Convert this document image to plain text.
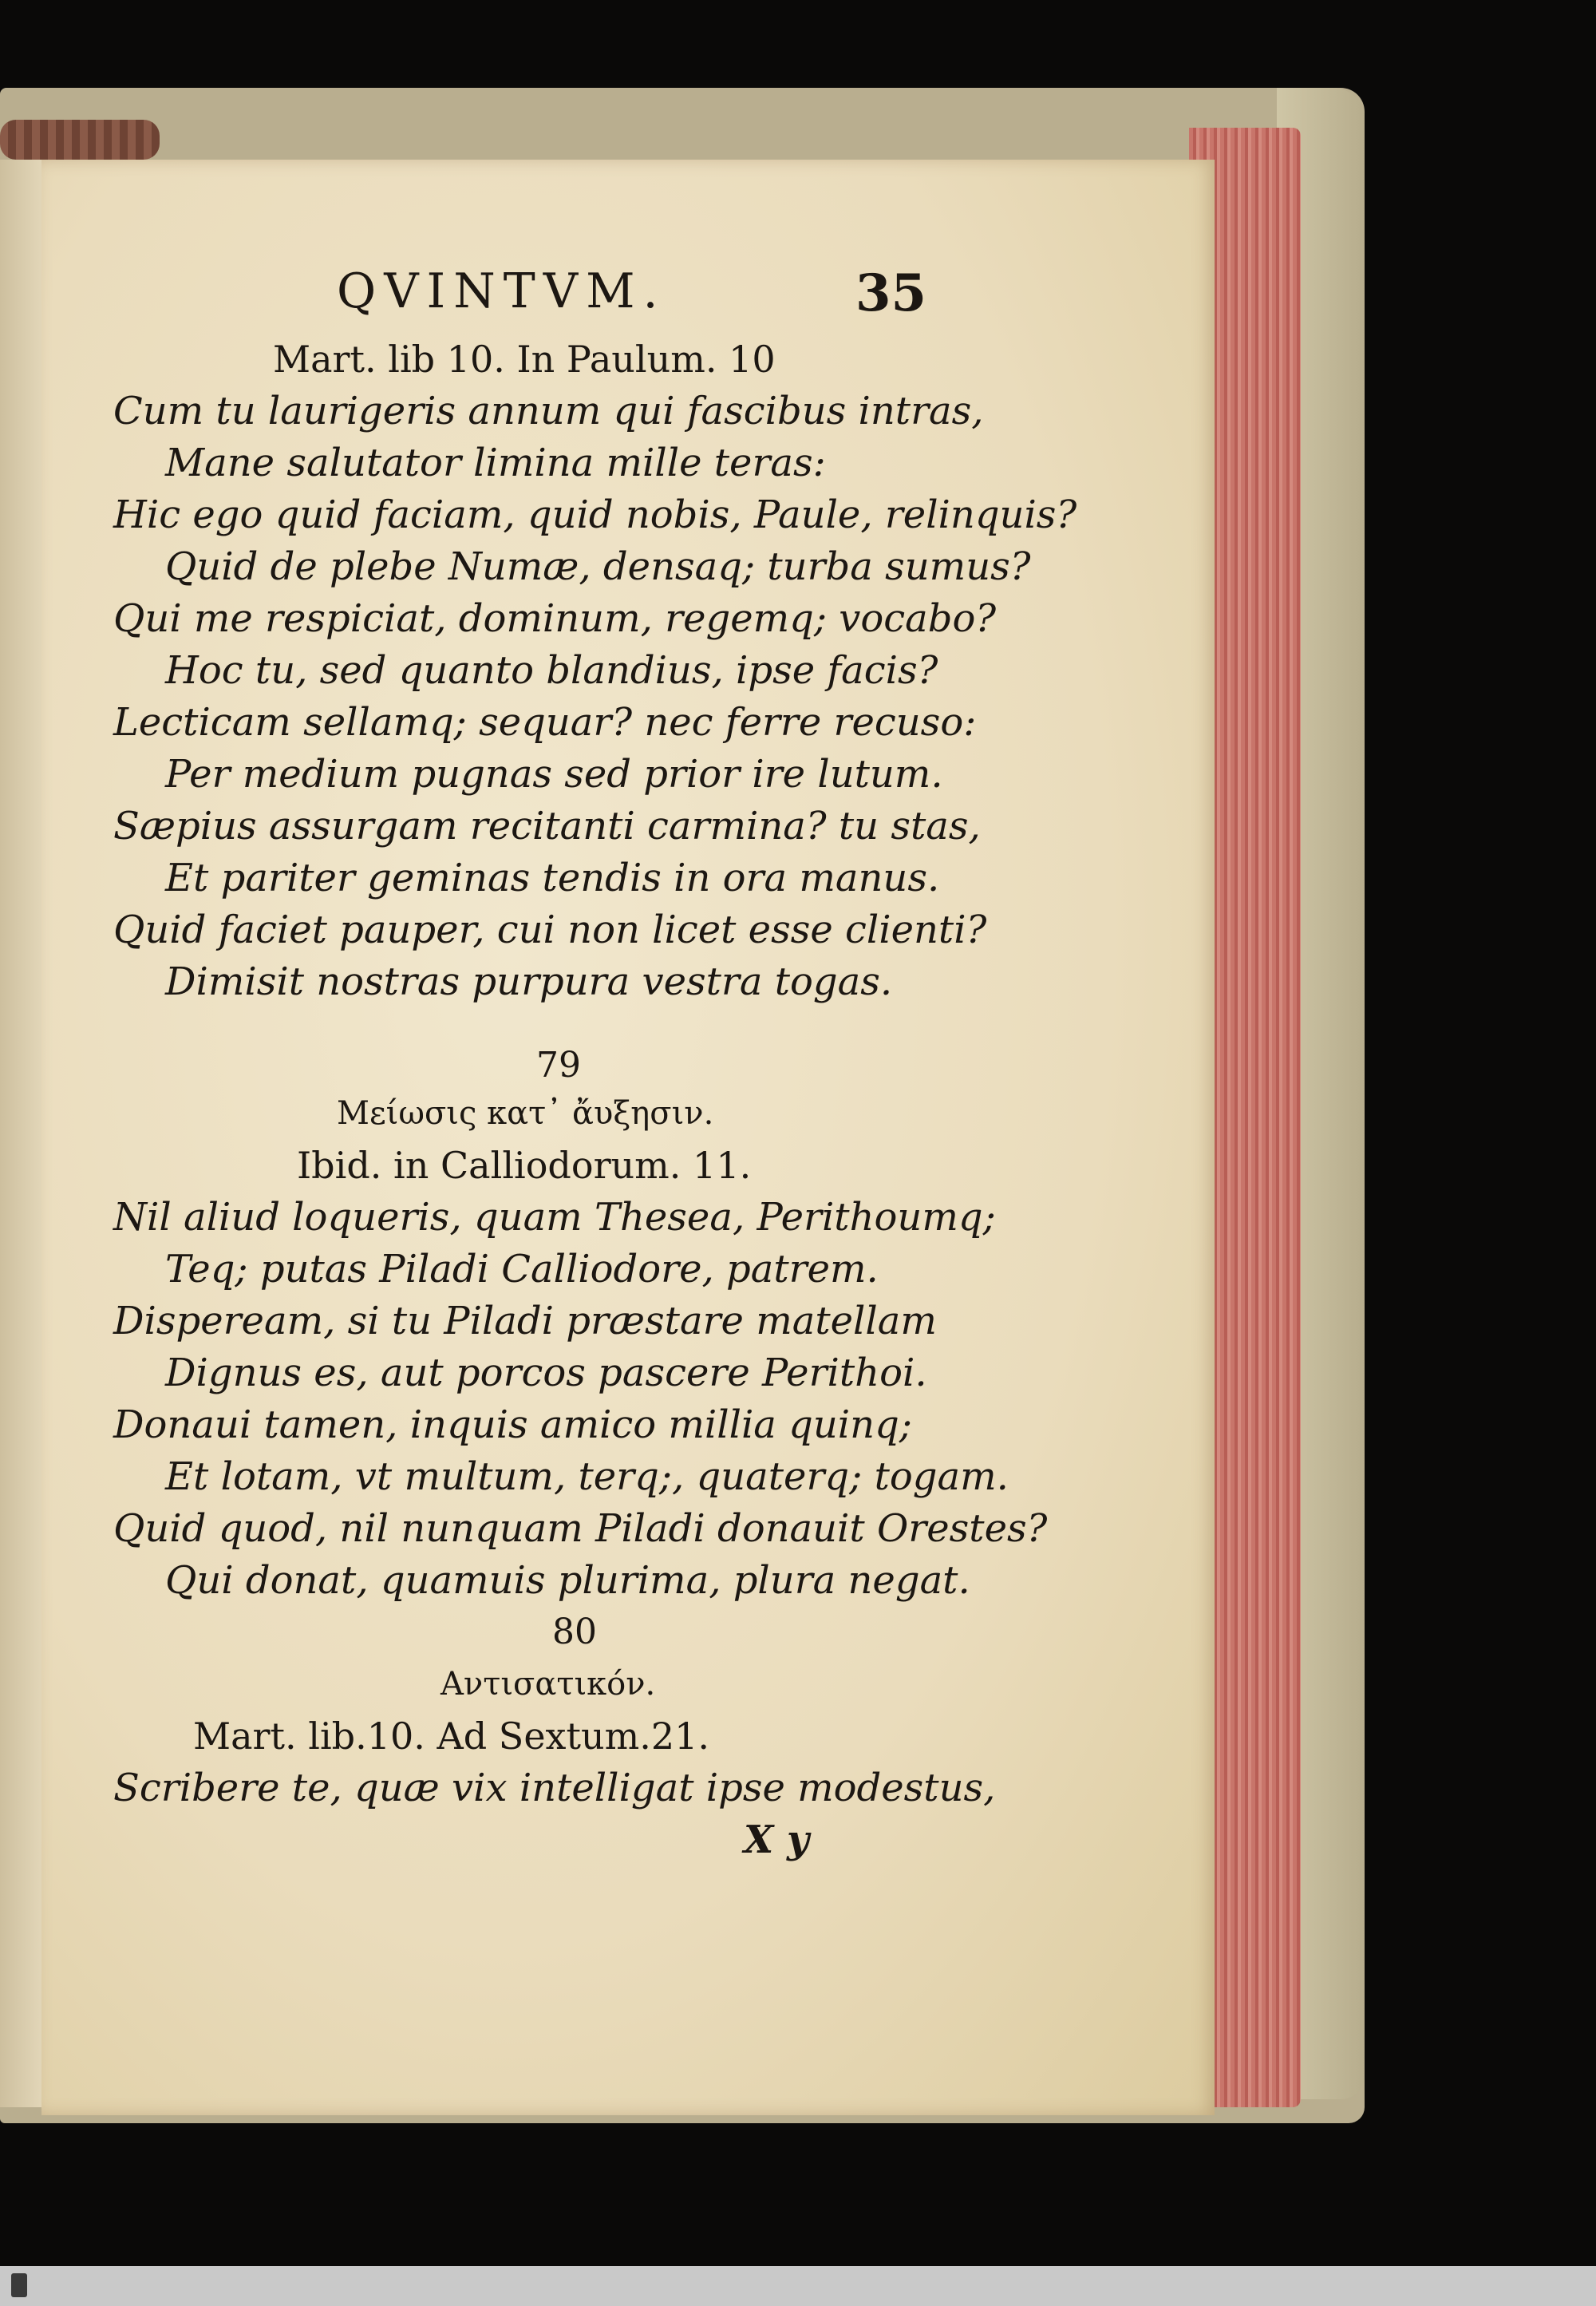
QVINTVM.	35
Mart. lib 10. In Paulum. 10
Cum tu laurigeris annum qui fascibus intras,
Mane salutator limina mille teras:
Hic ego quid faciam, quid nobis, Paule, relinquis?
Quid de plebe Numæ, densaq; turba sumus?
Qui me respiciat, dominum, regemq; vocabo?
Hoc tu, sed quanto blandius, ipse facis?
Lecticam sellamq; sequar? nec ferre recuso:
Per medium pugnas sed prior ire lutum.
Sæpius assurgam recitanti carmina? tu stas,
Et pariter geminas tendis in ora manus.
Quid faciet pauper, cui non licet esse clienti?
Dimisit nostras purpura vestra togas.
79
Μείωσις κατ᾽ ἄυξησιν.
Ibid. in Calliodorum. 11.
Nil aliud loqueris, quam Thesea, Perithoumq;
Teq; putas Piladi Calliodore, patrem.
Dispeream, si tu Piladi præstare matellam
Dignus es, aut porcos pascere Perithoi.
Donaui tamen, inquis amico millia quinq;
Et lotam, vt multum, terq;, quaterq; togam.
Quid quod, nil nunquam Piladi donauit Orestes?
Qui donat, quamuis plurima, plura negat.
80
Αντισατικόν.
Mart. lib.10. Ad Sextum.21.
Scribere te, quæ vix intelligat ipse modestus,
X y
